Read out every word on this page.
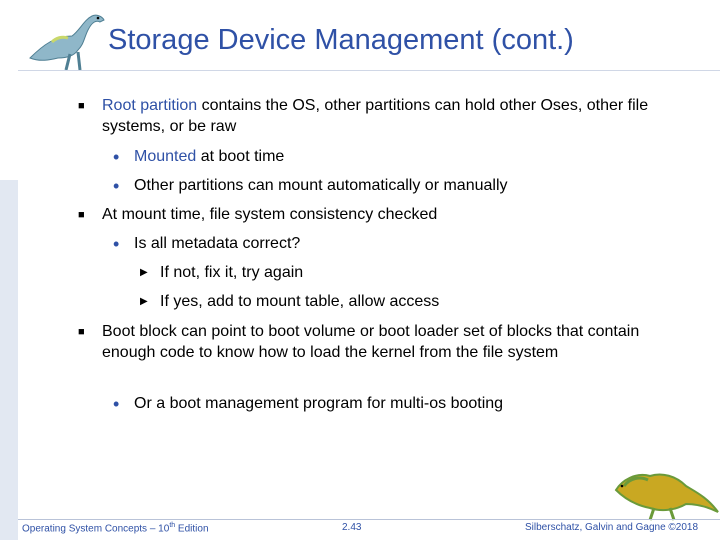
Storage Device Management (cont.)
■ Root partition contains the OS, other partitions can hold other Oses, other file systems, or be raw
• Mounted at boot time
• Other partitions can mount automatically or manually
■ At mount time, file system consistency checked
• Is all metadata correct?
▶ If not, fix it, try again
▶ If yes, add to mount table, allow access
■ Boot block can point to boot volume or boot loader set of blocks that contain enough code to know how to load the kernel from the file system
• Or a boot management program for multi-os booting
Operating System Concepts – 10th Edition	2.43	Silberschatz, Galvin and Gagne ©2018
